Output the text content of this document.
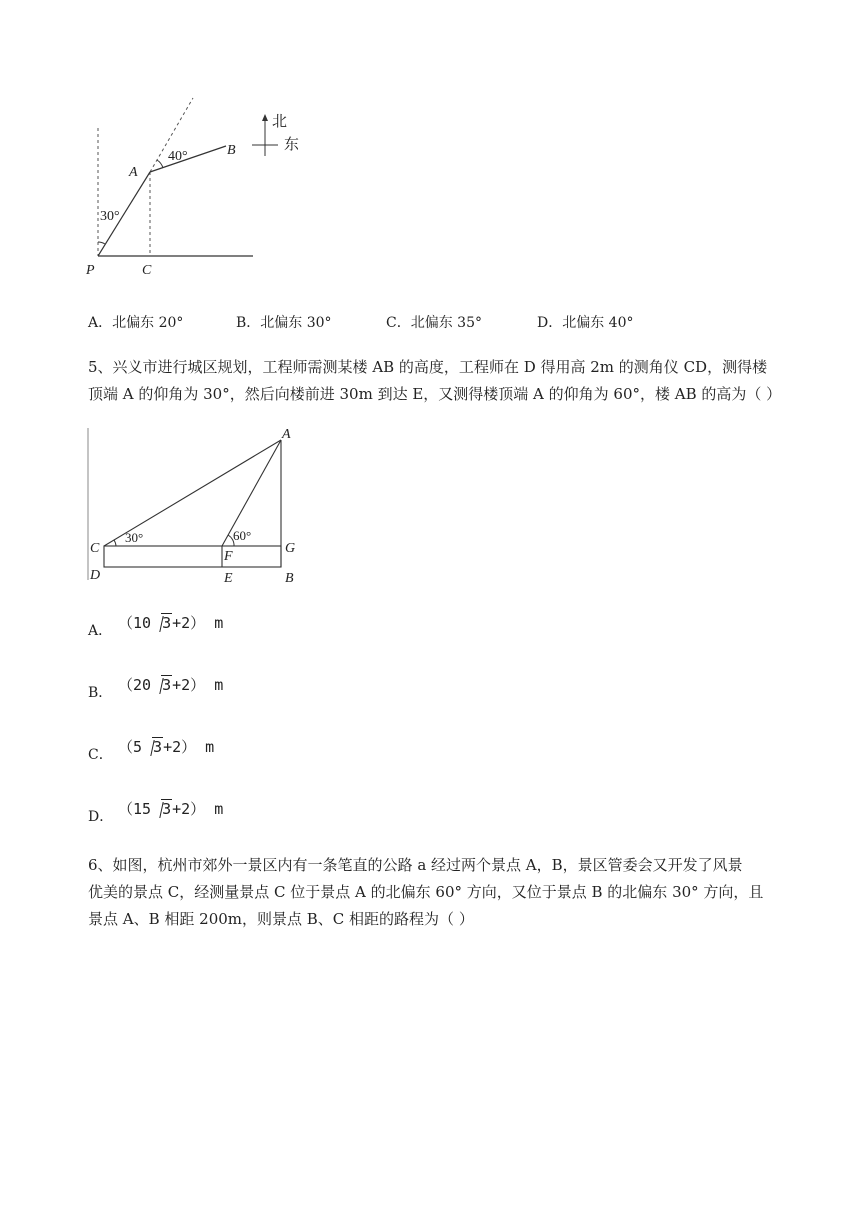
北
东
40°
30°
A
B
P	C
A．北偏东 20°	B．北偏东 30°	C．北偏东 35°	D．北偏东 40°
5、兴义市进行城区规划，工程师需测某楼 AB 的高度，工程师在 D 得用高 2m 的测角仪 CD，测得楼
顶端 A 的仰角为 30°，然后向楼前进 30m 到达 E，又测得楼顶端 A 的仰角为 60°，楼 AB 的高为（ ）
A
C
D
F
E
G
B
30°	60°
A． （10 3+2） m
B． （20 3+2） m
C． （5 3+2） m
D． （15 3+2） m
6、如图，杭州市郊外一景区内有一条笔直的公路 a 经过两个景点 A，B，景区管委会又开发了风景
优美的景点 C，经测量景点 C 位于景点 A 的北偏东 60° 方向，又位于景点 B 的北偏东 30° 方向，且
景点 A、B 相距 200m，则景点 B、C 相距的路程为（ ）
